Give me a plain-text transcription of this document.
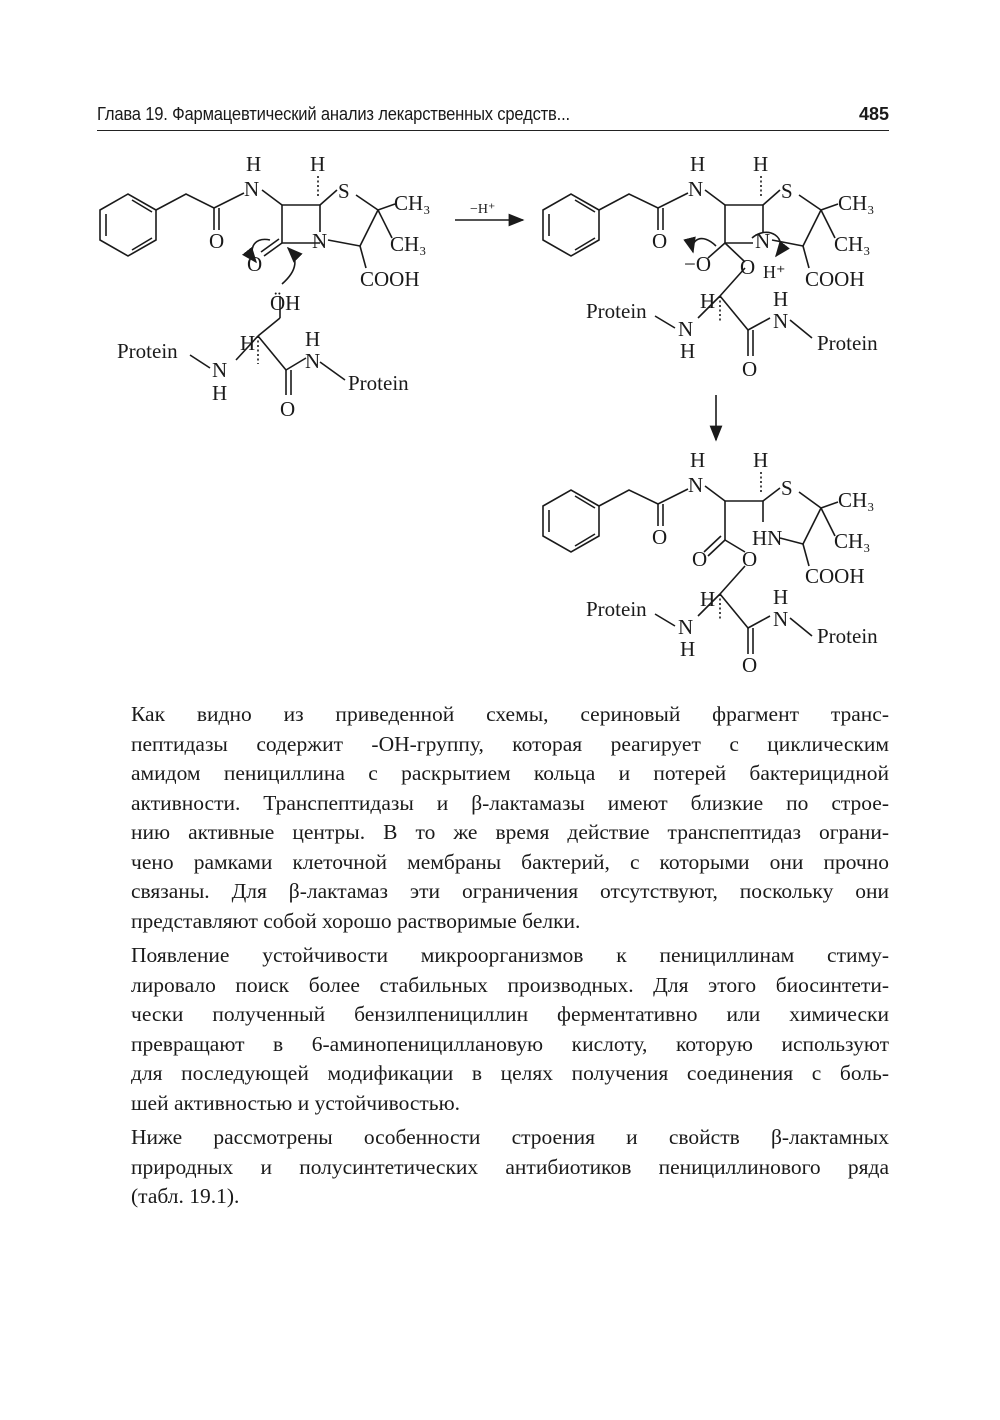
Глава 19. Фармацевтический анализ лекарственных средств...	485
H
N
H
S CH₃
CH₃
N
O
O
COOH
ÖH
Protein	H
N
H
H
N
Protein
O
−H⁺
H
N
H
S CH₃
CH₃
N
O
−O O H⁺ COOH
Protein	H
N
H
H
N
Protein
O
H
N
H
S CH₃
CH₃
HN
O
O O
COOH
Protein	H
N
H
H
N
Protein
O

Как видно из приведенной схемы, сериновый фрагмент транс-
пептидазы содержит -ОН-группу, которая реагирует с циклическим
амидом пенициллина с раскрытием кольца и потерей бактерицидной
активности. Транспептидазы и β-лактамазы имеют близкие по строе-
нию активные центры. В то же время действие транспептидаз ограни-
чено рамками клеточной мембраны бактерий, с которыми они прочно
связаны. Для β-лактамаз эти ограничения отсутствуют, поскольку они
представляют собой хорошо растворимые белки.

Появление устойчивости микроорганизмов к пенициллинам стиму-
лировало поиск более стабильных производных. Для этого биосинтети-
чески полученный бензилпенициллин ферментативно или химически
превращают в 6-аминопенициллановую кислоту, которую используют
для последующей модификации в целях получения соединения с боль-
шей активностью и устойчивостью.

Ниже рассмотрены особенности строения и свойств β-лактамных
природных и полусинтетических антибиотиков пенициллинового ряда
(табл. 19.1).
